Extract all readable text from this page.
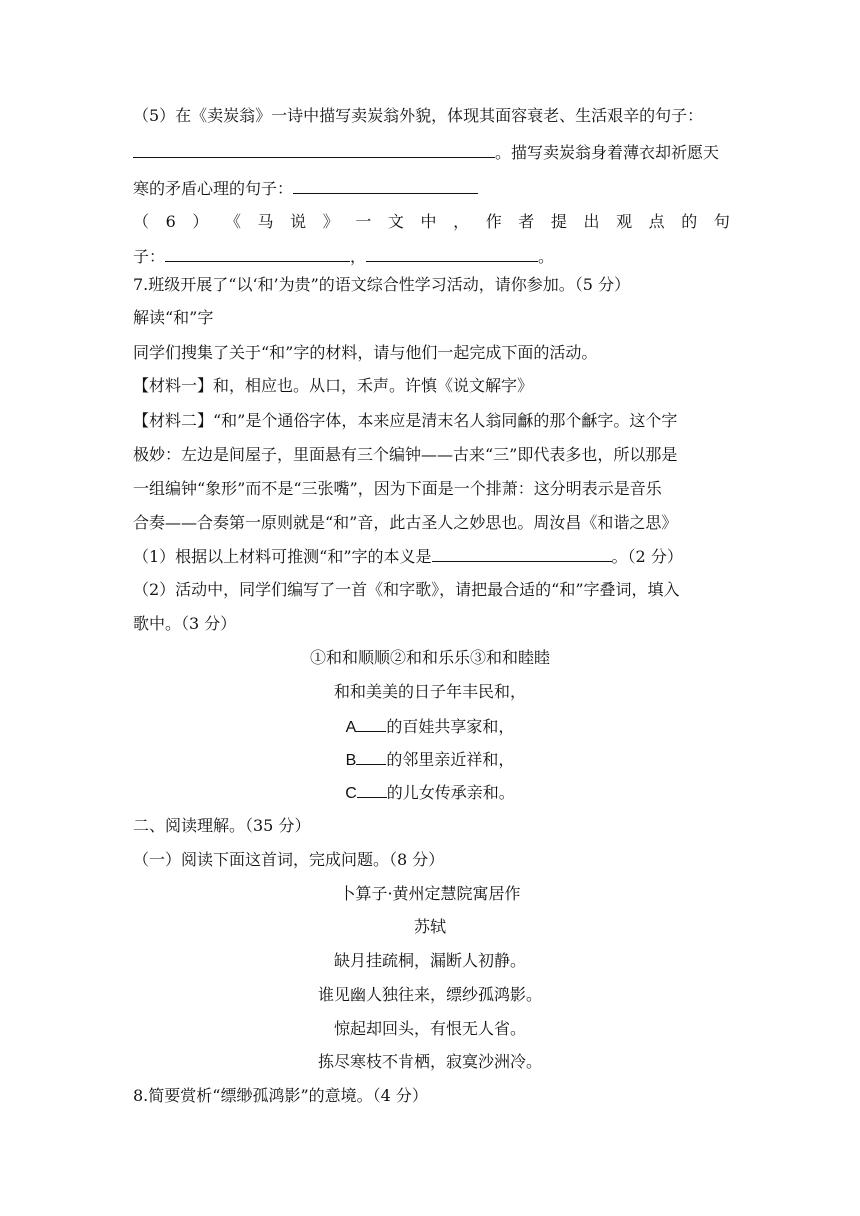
（5）在《卖炭翁》一诗中描写卖炭翁外貌，体现其面容衰老、生活艰辛的句子：
。描写卖炭翁身着薄衣却祈愿天
寒的矛盾心理的句子：
（ 6 ） 《 马 说 》 一 文 中 ， 作 者 提 出 观 点 的 句
子：	，	。
7.班级开展了“以‘和’为贵”的语文综合性学习活动，请你参加。（5 分）
解读“和”字
同学们搜集了关于“和”字的材料，请与他们一起完成下面的活动。
【材料一】和，相应也。从口，禾声。许慎《说文解字》
【材料二】“和”是个通俗字体，本来应是清末名人翁同龢的那个龢字。这个字
极妙：左边是间屋子，里面悬有三个编钟——古来“三”即代表多也，所以那是
一组编钟“象形”而不是“三张嘴”，因为下面是一个排萧：这分明表示是音乐
合奏——合奏第一原则就是“和”音，此古圣人之妙思也。周汝昌《和谐之思》
（1）根据以上材料可推测“和”字的本义是	。（2 分）
（2）活动中，同学们编写了一首《和字歌》，请把最合适的“和”字叠词，填入
歌中。（3 分）
①和和顺顺②和和乐乐③和和睦睦
和和美美的日子年丰民和，
A 的百娃共享家和，
B 的邻里亲近祥和，
C 的儿女传承亲和。
二、阅读理解。（35 分）
（一）阅读下面这首词，完成问题。（8 分）
卜算子·黄州定慧院寓居作
苏轼
缺月挂疏桐，漏断人初静。
谁见幽人独往来，缥纱孤鸿影。
惊起却回头，有恨无人省。
拣尽寒枝不肯栖，寂寞沙洲冷。
8.简要赏析“缥缈孤鸿影”的意境。（4 分）
